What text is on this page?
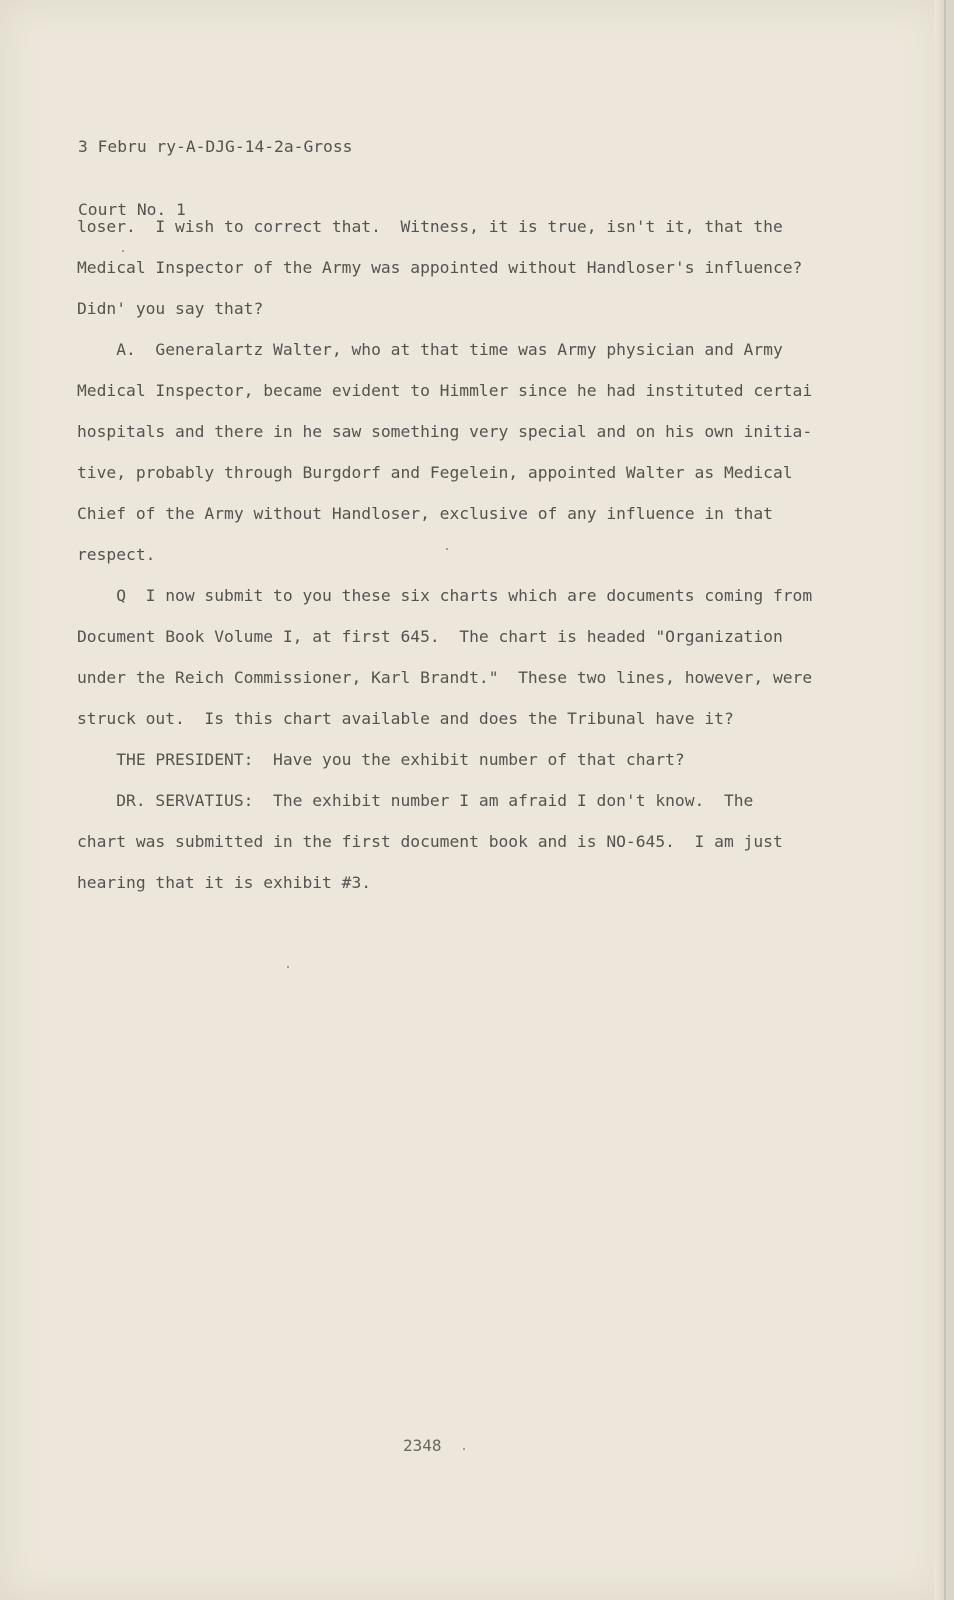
3 Febru ry-A-DJG-14-2a-Gross

Court No. 1

loser.  I wish to correct that.  Witness, it is true, isn't it, that the
Medical Inspector of the Army was appointed without Handloser's influence?
Didn' you say that?
A.  Generalartz Walter, who at that time was Army physician and Army
Medical Inspector, became evident to Himmler since he had instituted certai
hospitals and there in he saw something very special and on his own initia-
tive, probably through Burgdorf and Fegelein, appointed Walter as Medical
Chief of the Army without Handloser, exclusive of any influence in that
respect.
Q  I now submit to you these six charts which are documents coming from
Document Book Volume I, at first 645.  The chart is headed "Organization
under the Reich Commissioner, Karl Brandt."  These two lines, however, were
struck out.  Is this chart available and does the Tribunal have it?
THE PRESIDENT:  Have you the exhibit number of that chart?
DR. SERVATIUS:  The exhibit number I am afraid I don't know.  The
chart was submitted in the first document book and is NO-645.  I am just
hearing that it is exhibit #3.
2348
